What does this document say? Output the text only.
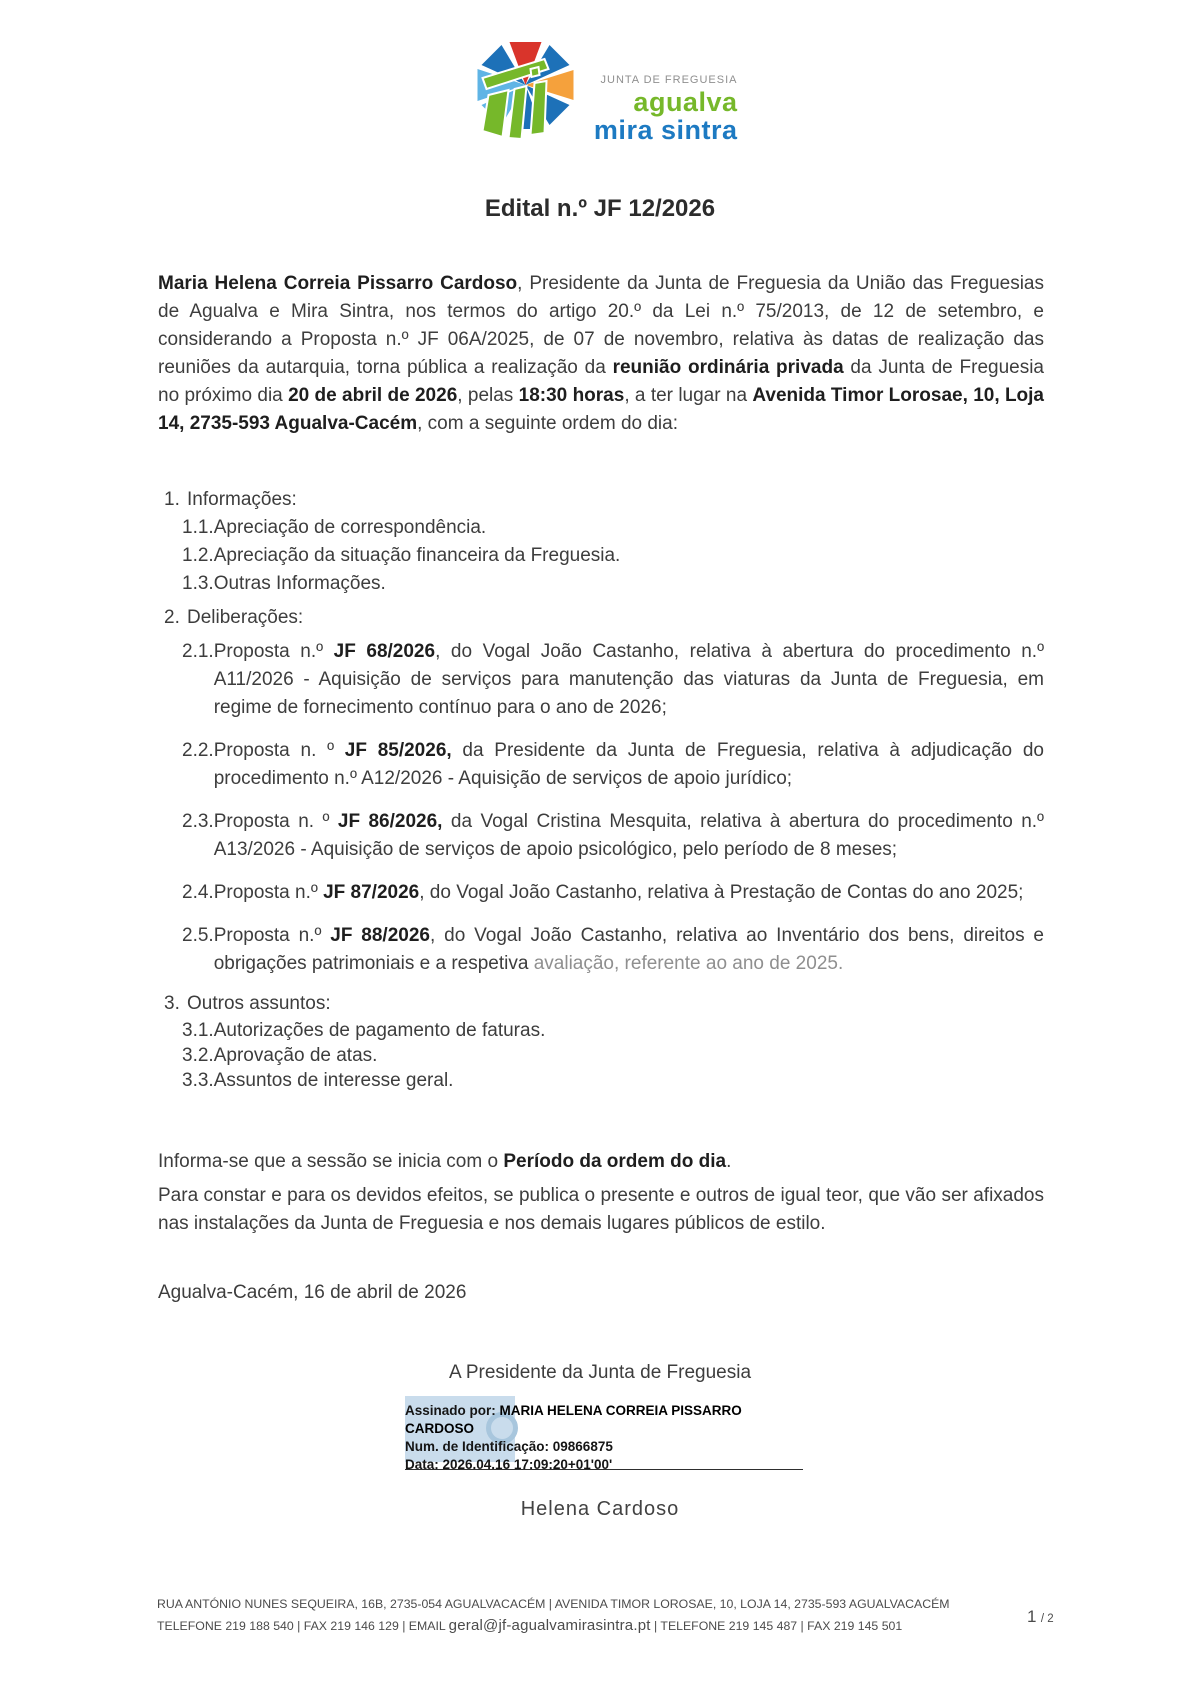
JUNTA DE FREGUESIA
agualva
mira sintra
Edital n.º JF 12/2026
Maria Helena Correia Pissarro Cardoso, Presidente da Junta de Freguesia da União das Freguesias de Agualva e Mira Sintra, nos termos do artigo 20.º da Lei n.º 75/2013, de 12 de setembro, e considerando a Proposta n.º JF 06A/2025, de 07 de novembro, relativa às datas de realização das reuniões da autarquia, torna pública a realização da reunião ordinária privada da Junta de Freguesia no próximo dia 20 de abril de 2026, pelas 18:30 horas, a ter lugar na Avenida Timor Lorosae, 10, Loja 14, 2735-593 Agualva-Cacém, com a seguinte ordem do dia:
1. Informações:
1.1. Apreciação de correspondência.
1.2. Apreciação da situação financeira da Freguesia.
1.3. Outras Informações.
2. Deliberações:
2.1. Proposta n.º JF 68/2026, do Vogal João Castanho, relativa à abertura do procedimento n.º A11/2026 - Aquisição de serviços para manutenção das viaturas da Junta de Freguesia, em regime de fornecimento contínuo para o ano de 2026;
2.2. Proposta n. º JF 85/2026, da Presidente da Junta de Freguesia, relativa à adjudicação do procedimento n.º A12/2026 - Aquisição de serviços de apoio jurídico;
2.3. Proposta n. º JF 86/2026, da Vogal Cristina Mesquita, relativa à abertura do procedimento n.º A13/2026 - Aquisição de serviços de apoio psicológico, pelo período de 8 meses;
2.4. Proposta n.º JF 87/2026, do Vogal João Castanho, relativa à Prestação de Contas do ano 2025;
2.5. Proposta n.º JF 88/2026, do Vogal João Castanho, relativa ao Inventário dos bens, direitos e obrigações patrimoniais e a respetiva avaliação, referente ao ano de 2025.
3. Outros assuntos:
3.1. Autorizações de pagamento de faturas.
3.2. Aprovação de atas.
3.3. Assuntos de interesse geral.
Informa-se que a sessão se inicia com o Período da ordem do dia.
Para constar e para os devidos efeitos, se publica o presente e outros de igual teor, que vão ser afixados nas instalações da Junta de Freguesia e nos demais lugares públicos de estilo.
Agualva-Cacém, 16 de abril de 2026
A Presidente da Junta de Freguesia
Assinado por: MARIA HELENA CORREIA PISSARRO CARDOSO
Num. de Identificação: 09866875
Data: 2026.04.16 17:09:20+01'00'
Helena Cardoso
RUA ANTÓNIO NUNES SEQUEIRA, 16B, 2735-054 AGUALVACACÉM | AVENIDA TIMOR LOROSAE, 10, LOJA 14, 2735-593 AGUALVACACÉM
TELEFONE 219 188 540 | FAX 219 146 129 | EMAIL geral@jf-agualvamirasintra.pt | TELEFONE 219 145 487 | FAX 219 145 501	1 / 2
